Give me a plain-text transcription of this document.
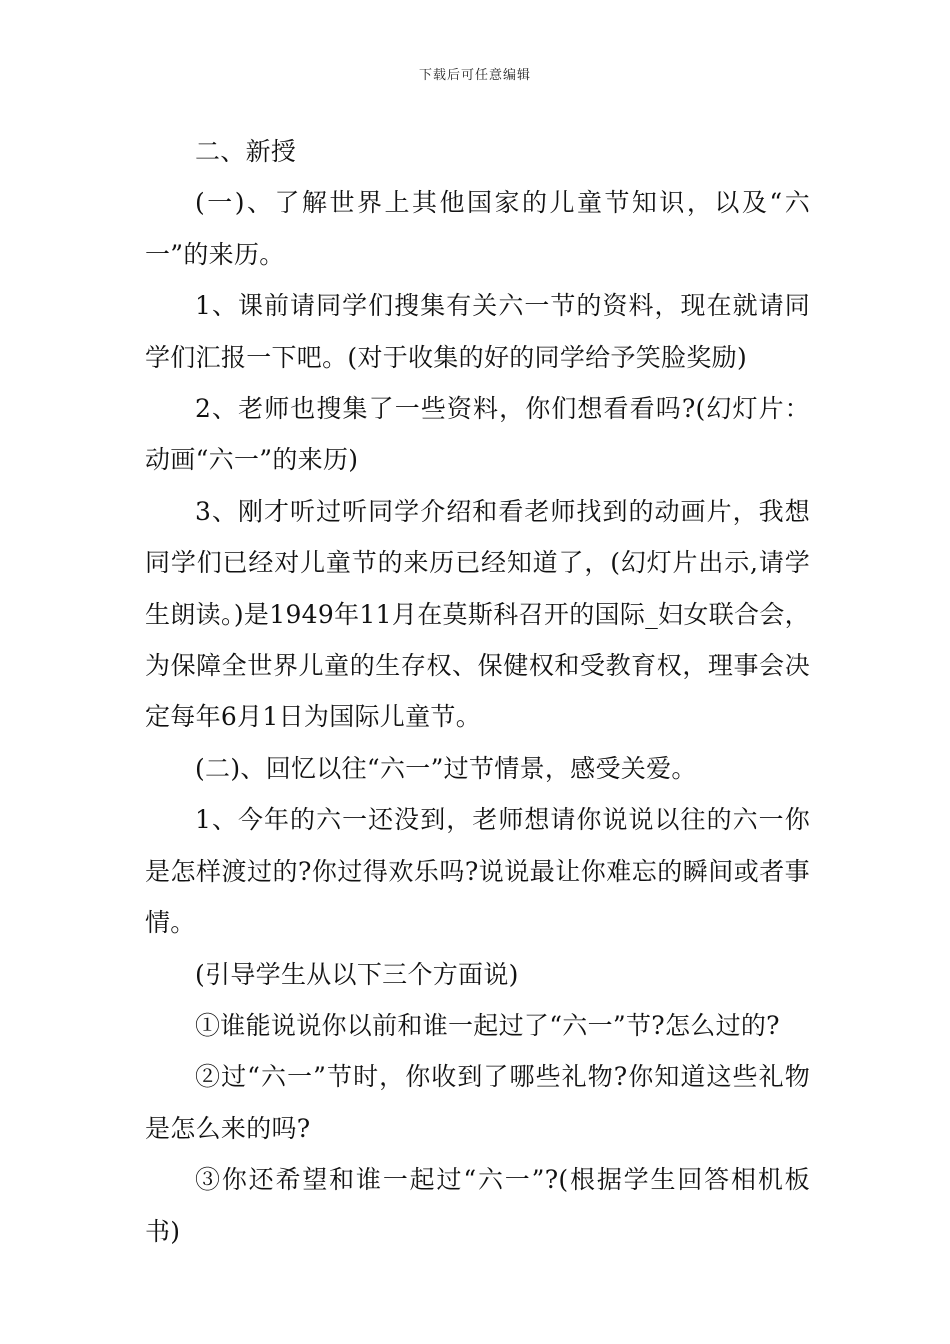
下载后可任意编辑

二、新授

(一)、了解世界上其他国家的儿童节知识，以及“六一”的来历。

1、课前请同学们搜集有关六一节的资料，现在就请同学们汇报一下吧。(对于收集的好的同学给予笑脸奖励)

2、老师也搜集了一些资料，你们想看看吗?(幻灯片：动画“六一”的来历)

3、刚才听过听同学介绍和看老师找到的动画片，我想同学们已经对儿童节的来历已经知道了，(幻灯片出示,请学生朗读。)是1949年11月在莫斯科召开的国际_妇女联合会，为保障全世界儿童的生存权、保健权和受教育权，理事会决定每年6月1日为国际儿童节。

(二)、回忆以往“六一”过节情景，感受关爱。

1、今年的六一还没到，老师想请你说说以往的六一你是怎样渡过的?你过得欢乐吗?说说最让你难忘的瞬间或者事情。

(引导学生从以下三个方面说)

①谁能说说你以前和谁一起过了“六一”节?怎么过的?

②过“六一”节时，你收到了哪些礼物?你知道这些礼物是怎么来的吗?

③你还希望和谁一起过“六一”?(根据学生回答相机板书)
